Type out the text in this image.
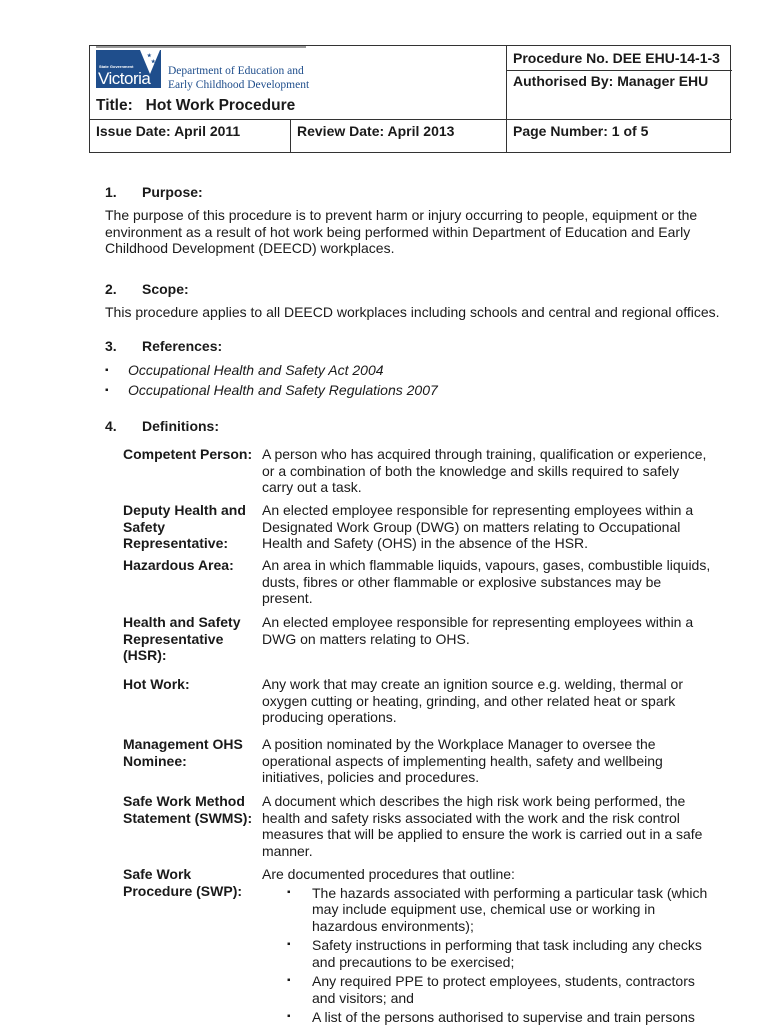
★
★
State Government
Victoria Department of Education and
Early Childhood Development
Title: Hot Work Procedure
Procedure No. DEE EHU-14-1-3
Authorised By: Manager EHU
Issue Date: April 2011	Review Date: April 2013	Page Number: 1 of 5
1. Purpose:
The purpose of this procedure is to prevent harm or injury occurring to people, equipment or the environment as a result of hot work being performed within Department of Education and Early Childhood Development (DEECD) workplaces.
2. Scope:
This procedure applies to all DEECD workplaces including schools and central and regional offices.
3. References:
▪ Occupational Health and Safety Act 2004
▪ Occupational Health and Safety Regulations 2007
4. Definitions:
Competent Person: A person who has acquired through training, qualification or experience, or a combination of both the knowledge and skills required to safely carry out a task.
Deputy Health and Safety Representative:
An elected employee responsible for representing employees within a Designated Work Group (DWG) on matters relating to Occupational Health and Safety (OHS) in the absence of the HSR.
Hazardous Area:	An area in which flammable liquids, vapours, gases, combustible liquids, dusts, fibres or other flammable or explosive substances may be present.
Health and Safety Representative (HSR):
An elected employee responsible for representing employees within a DWG on matters relating to OHS.
Hot Work:	Any work that may create an ignition source e.g. welding, thermal or oxygen cutting or heating, grinding, and other related heat or spark producing operations.
Management OHS Nominee:
A position nominated by the Workplace Manager to oversee the operational aspects of implementing health, safety and wellbeing initiatives, policies and procedures.
Safe Work Method Statement (SWMS):
A document which describes the high risk work being performed, the health and safety risks associated with the work and the risk control measures that will be applied to ensure the work is carried out in a safe manner.
Safe Work Procedure (SWP):
Are documented procedures that outline:
▪ The hazards associated with performing a particular task (which may include equipment use, chemical use or working in hazardous environments);
▪ Safety instructions in performing that task including any checks and precautions to be exercised;
▪ Any required PPE to protect employees, students, contractors and visitors; and
▪ A list of the persons authorised to supervise and train persons
